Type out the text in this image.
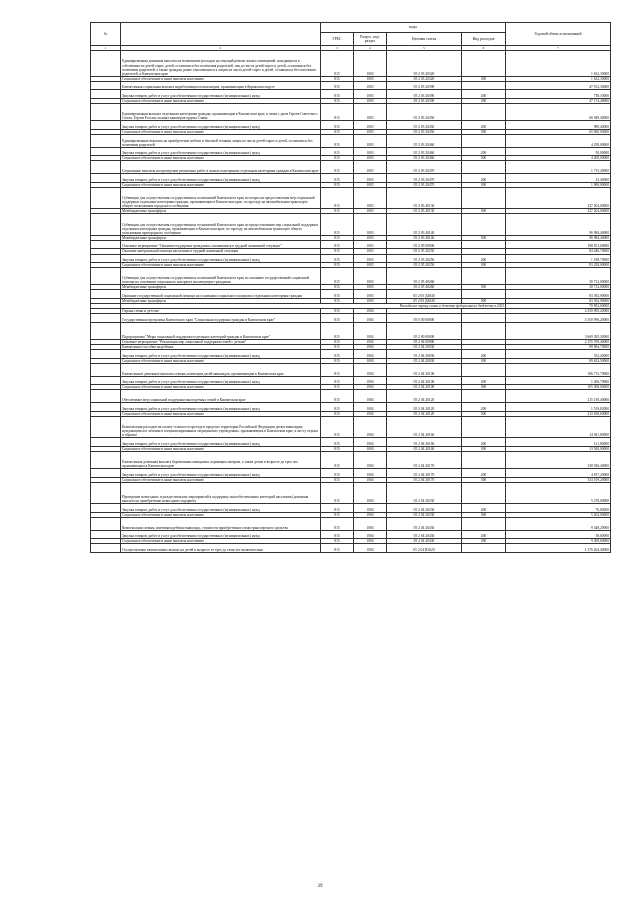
№		коды				Годовой объем ассигнований
		ГРБС	Раздел, под-раздел	Целевая статья	Вид расходов	
1	2	3	4	5	6	7
	Единовременная денежная выплата на возмещение расходов на текущий ремонт жилых помещений, находящихся в собственности детей-сирот, детей, оставшихся без попечения родителей, лиц из числа детей-сирот и детей, оставшихся без попечения родителей, а также граждан, ранее относившихся к лицам из числа детей-сирот и детей, оставшихся без попечения родителей, в Камчатском крае	815	1003	05 2 03 20320		1 632,30000
	Социальное обеспечение и иные выплаты населению	815	1003	05 2 03 20320	300	1 632,30000
	Ежемесячная социальная выплата неработающим пенсионерам, проживающим в Корякском округе	815	1003	05 2 03 20390		47 912,30000
	Закупка товаров, работ и услуг для обеспечения государственных (муниципальных) нужд	815	1003	05 2 03 20390	200	738,10000
	Социальное обеспечение и иные выплаты населению	815	1003	05 2 03 20390	300	47 174,40000
	Единовременная выплата отдельным категориям граждан, проживающим в Камчатском крае, в связи с днем Героев Советского Союза, Героев России, полных кавалеров ордена Славы	815	1003	05 2 03 20450		66 949,40000
	Закупка товаров, работ и услуг для обеспечения государственных (муниципальных) нужд	815	1003	05 2 03 20450	200	989,40000
	Социальное обеспечение и иные выплаты населению	815	1003	05 2 03 20450	300	65 960,00000
	Единовременные выплаты на приобретение мебели и бытовой техники лицам из числа детей-сирот и детей, оставшихся без попечения родителей	815	1003	05 2 03 20460		4 250,00000
	Закупка товаров, работ и услуг для обеспечения государственных (муниципальных) нужд	815	1003	05 2 03 20460	200	50,00000
	Социальное обеспечение и иные выплаты населению	815	1003	05 2 03 20460	300	4 200,00000
	Социальные выплаты на проведение ремонтных работ в жилых помещениях отдельным категориям граждан в Камчатском крае	815	1003	05 2 03 20470		1 715,40000
	Закупка товаров, работ и услуг для обеспечения государственных (муниципальных) нужд	815	1003	05 2 03 20470	200	25,40000
	Социальное обеспечение и иные выплаты населению	815	1003	05 2 03 20470	300	1 690,00000
	Субвенции для осуществления государственных полномочий Камчатского края по вопросам предоставления мер социальной поддержки отдельным категориям граждан, проживающим в Камчатском крае, по проезду на автомобильном транспорте общего пользования городского сообщения	815	1003	05 2 03 40130		237 204,00000
	Межбюджетные трансферты	815	1003	05 2 03 40130	500	237 204,00000
	Субвенции для осуществления государственных полномочий Камчатского края по предоставлению мер социальной поддержки отдельным категориям граждан, проживающим в Камчатском крае, по проезду на автомобильном транспорте общего пользования пригородного сообщения	815	1003	05 2 03 40140		96 984,40000
	Межбюджетные трансферты	815	1003	05 2 03 40140	500	96 984,40000
	Основное мероприятие "Оказание поддержки гражданам, оказавшимся в трудной жизненной ситуации"	815	1003	05 2 05 00000		198 551,60000
	Оказание материальной помощи населению в трудной жизненной ситуации	815	1003	05 2 05 20250		84 446,70000
	Закупка товаров, работ и услуг для обеспечения государственных (муниципальных) нужд	815	1003	05 2 05 20250	200	1 188,70000
	Социальное обеспечение и иные выплаты населению	815	1003	05 2 05 20250	300	83 258,00000
	Субвенции для осуществления государственных полномочий Камчатского края по оказанию государственной социальной помощи на основании социального контракта малоимущим гражданам	815	1003	05 2 05 40260		30 712,00000
	Межбюджетные трансферты	815	1003	05 2 05 40260	500	30 712,00000
	Оказание государственной социальной помощи на основании социального контракта отдельным категориям граждан	815	1003	05 2 05 Д4040		83 392,90000
	Межбюджетные трансферты	815	1003	05 2 05 Д4040	500	83 392,90000
	Расходы на охрану семьи и детства федерального бюджета в 2023					70 852,60000
	Охрана семьи и детства	815	1004			4 350 095,20000
	Государственная программа Камчатского края "Социальная поддержка граждан в Камчатском крае"	815	1004	05 0 00 00000		4 350 996,20000
	Подпрограмма "Меры социальной поддержки отдельных категорий граждан в Камчатском крае"	815	1004	05 2 00 00000		3 669 395,20000
	Основное мероприятие "Реализация мер социальной поддержки семей с детьми"	815	1004	05 2 04 00000		2 155 769,40000
	Ежемесячное пособие на ребенка	815	1004	05 2 04 20030		89 984,70000
	Закупка товаров, работ и услуг для обеспечения государственных (муниципальных) нужд	815	1004	05 2 04 20030	200	352,20000
	Социальное обеспечение и иные выплаты населению	815	1004	05 2 04 20030	300	89 632,50000
	Ежемесячные денежные выплаты семьям, имеющим детей-инвалидов, проживающим в Камчатском крае	815	1004	05 2 04 20100		106 715,70000
	Закупка товаров, работ и услуг для обеспечения государственных (муниципальных) нужд	815	1004	05 2 04 20100	200	1 206,70000
	Социальное обеспечение и иные выплаты населению	815	1004	05 2 04 20100	300	105 508,00000
	Обеспечение мер социальной поддержки многодетных семей в Камчатском крае	815	1004	05 2 04 20120		215 150,40000
	Закупка товаров, работ и услуг для обеспечения государственных (муниципальных) нужд	815	1004	05 2 04 20120	200	1 519,82000
	Социальное обеспечение и иные выплаты населению	815	1004	05 2 04 20120	300	213 630,60000
	Компенсация расходов на оплату стоимости проезда в пределах территории Российской Федерации детям-инвалидам, нуждающимся в лечении в специализированных медицинских учреждениях, проживающим в Камчатском крае, к месту отдыха и обратно	815	1004	05 2 04 20160		14 041,80000
	Закупка товаров, работ и услуг для обеспечения государственных (муниципальных) нужд	815	1004	05 2 04 20160	200	121,80000
	Социальное обеспечение и иные выплаты населению	815	1004	05 2 04 20160	300	13 920,00000
	Ежемесячная денежная выплата беременным женщинам, кормящим матерям, а также детям в возрасте до трех лет, проживающим в Камчатском крае	815	1004	05 2 04 20170		338 926,40000
	Закупка товаров, работ и услуг для обеспечения государственных (муниципальных) нужд	815	1004	05 2 04 20170	200	4 817,20000
	Социальное обеспечение и иные выплаты населению	815	1004	05 2 04 20170	300	334 109,20000
	Проведение новогодних и рождественских мероприятий в поддержку малообеспеченных категорий населения (денежная выплата на приобретение новогодних подарков)	815	1004	05 2 04 20230		5 278,00000
	Закупка товаров, работ и услуг для обеспечения государственных (муниципальных) нужд	815	1004	05 2 04 20230	200	76,00000
	Социальное обеспечение и иные выплаты населению	815	1004	05 2 04 20230	300	5 202,00000
	Компенсация семьям, имеющим ребенка-инвалида, стоимости приобретенного ими транспортного средства	815	1004	05 2 04 20430		9 348,20000
	Закупка товаров, работ и услуг для обеспечения государственных (муниципальных) нужд	815	1004	05 2 04 20430	200	38,60000
	Социальное обеспечение и иные выплаты населению	815	1004	05 2 04 20430	300	9 309,60000
	Осуществление ежемесячных выплат на детей в возрасте от трех до семи лет включительно	815	1004	05 2 04 R3020		1 376 264,40000
39
·
